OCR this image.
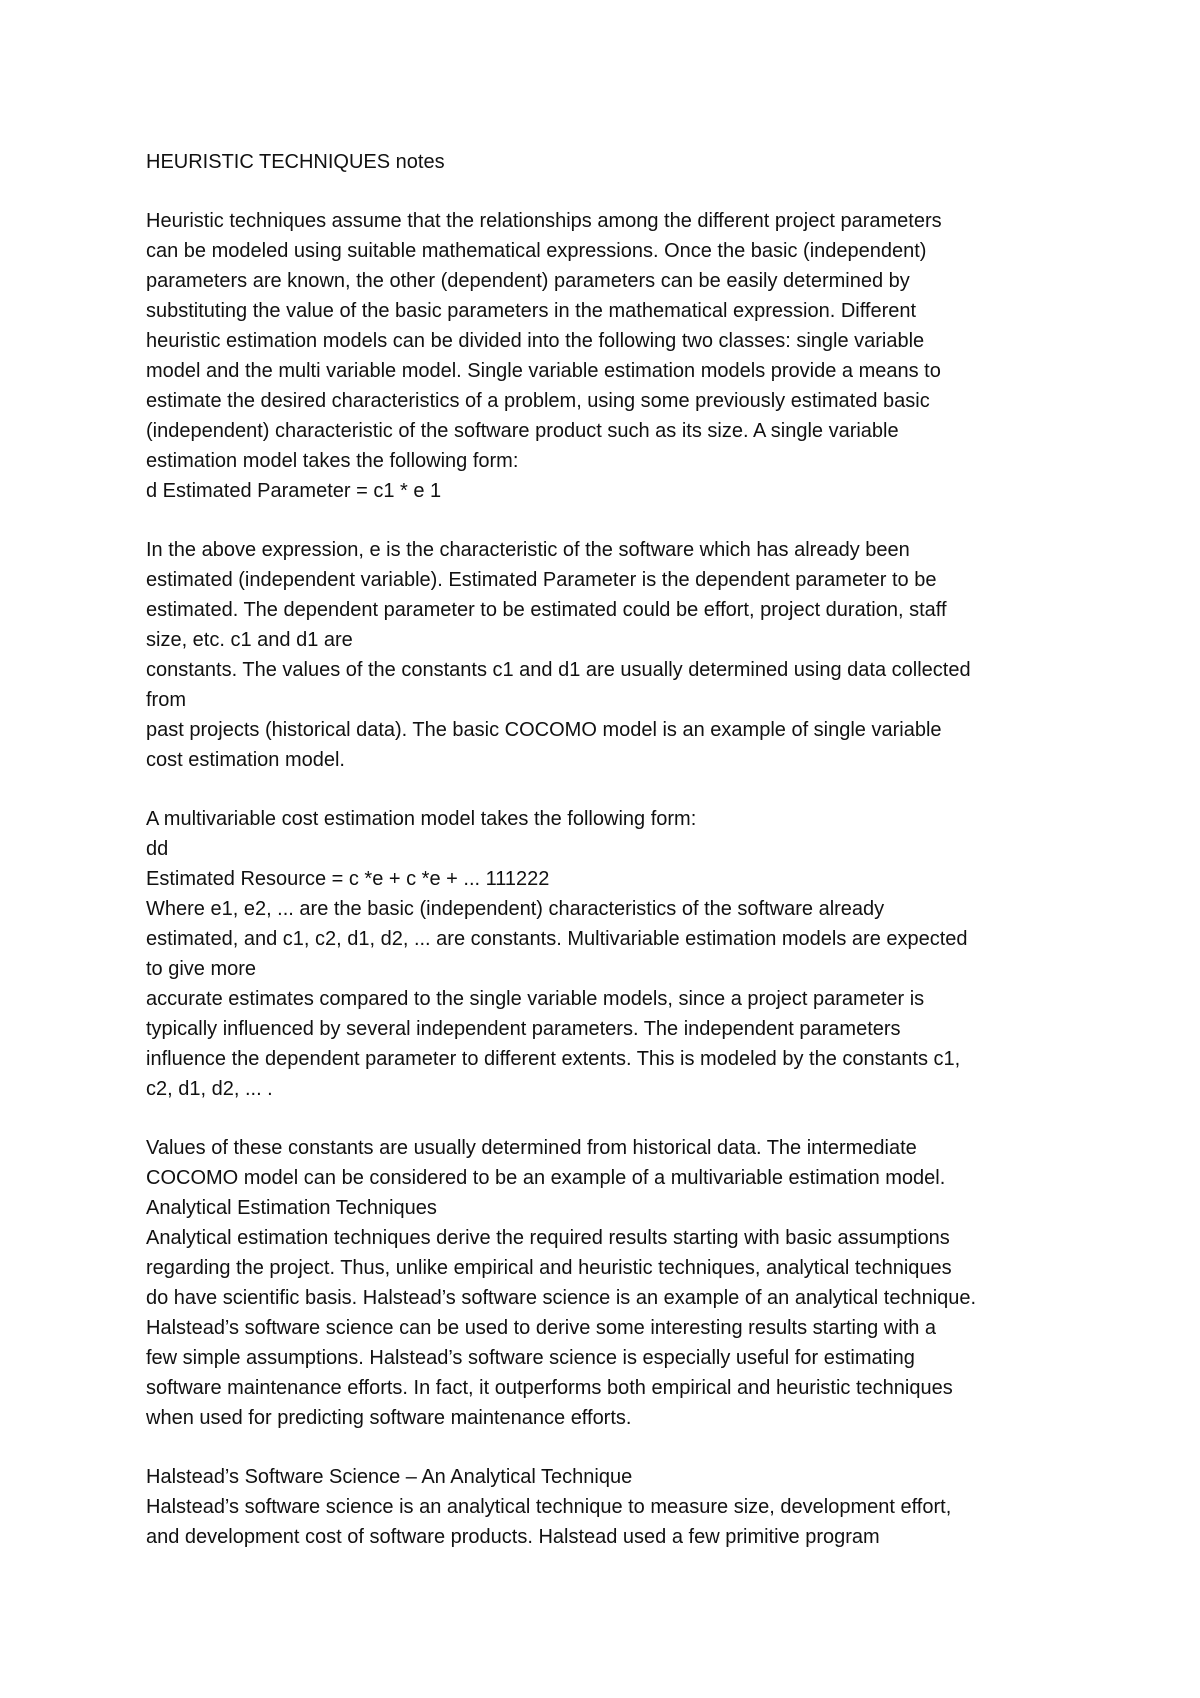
HEURISTIC TECHNIQUES notes
Heuristic techniques assume that the relationships among the different project parameters
can be modeled using suitable mathematical expressions. Once the basic (independent)
parameters are known, the other (dependent) parameters can be easily determined by
substituting the value of the basic parameters in the mathematical expression. Different
heuristic estimation models can be divided into the following two classes: single variable
model and the multi variable model. Single variable estimation models provide a means to
estimate the desired characteristics of a problem, using some previously estimated basic
(independent) characteristic of the software product such as its size. A single variable
estimation model takes the following form:
d Estimated Parameter = c1 * e 1
In the above expression, e is the characteristic of the software which has already been
estimated (independent variable). Estimated Parameter is the dependent parameter to be
estimated. The dependent parameter to be estimated could be effort, project duration, staff
size, etc. c1 and d1 are
constants. The values of the constants c1 and d1 are usually determined using data collected
from
past projects (historical data). The basic COCOMO model is an example of single variable
cost estimation model.
A multivariable cost estimation model takes the following form:
dd
Estimated Resource = c *e + c *e + ... 111222
Where e1, e2, ... are the basic (independent) characteristics of the software already
estimated, and c1, c2, d1, d2, ... are constants. Multivariable estimation models are expected
to give more
accurate estimates compared to the single variable models, since a project parameter is
typically influenced by several independent parameters. The independent parameters
influence the dependent parameter to different extents. This is modeled by the constants c1,
c2, d1, d2, ... .
Values of these constants are usually determined from historical data. The intermediate
COCOMO model can be considered to be an example of a multivariable estimation model.
Analytical Estimation Techniques
Analytical estimation techniques derive the required results starting with basic assumptions
regarding the project. Thus, unlike empirical and heuristic techniques, analytical techniques
do have scientific basis. Halstead’s software science is an example of an analytical technique.
Halstead’s software science can be used to derive some interesting results starting with a
few simple assumptions. Halstead’s software science is especially useful for estimating
software maintenance efforts. In fact, it outperforms both empirical and heuristic techniques
when used for predicting software maintenance efforts.
Halstead’s Software Science – An Analytical Technique
Halstead’s software science is an analytical technique to measure size, development effort,
and development cost of software products. Halstead used a few primitive program
